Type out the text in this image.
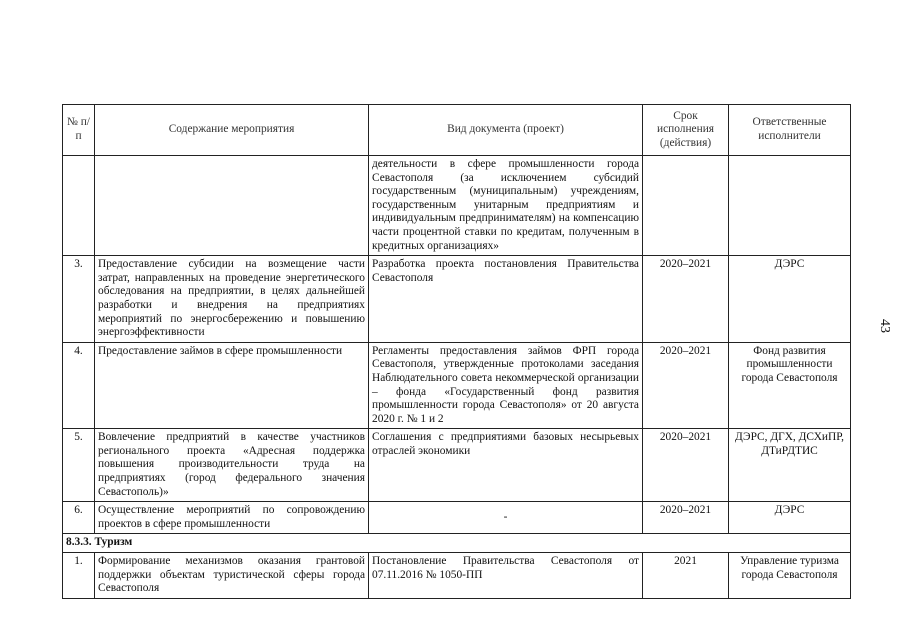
43
№ п/п	Содержание мероприятия	Вид документа (проект)	Срок исполнения (действия)	Ответственные исполнители
		деятельности в сфере промышленности города Севастополя (за исключением субсидий государственным (муниципальным) учреждениям, государственным унитарным предприятиям и индивидуальным предпринимателям) на компенсацию части процентной ставки по кредитам, полученным в кредитных организациях»		
3.	Предоставление субсидии на возмещение части затрат, направленных на проведение энергетического обследования на предприятии, в целях дальнейшей разработки и внедрения на предприятиях мероприятий по энергосбережению и повышению энергоэффективности	Разработка проекта постановления Правительства Севастополя	2020–2021	ДЭРС
4.	Предоставление займов в сфере промышленности	Регламенты предоставления займов ФРП города Севастополя, утвержденные протоколами заседания Наблюдательного совета некоммерческой организации – фонда «Государственный фонд развития промышленности города Севастополя» от 20 августа 2020 г. № 1 и 2	2020–2021	Фонд развития промышленности города Севастополя
5.	Вовлечение предприятий в качестве участников регионального проекта «Адресная поддержка повышения производительности труда на предприятиях (город федерального значения Севастополь)»	Соглашения с предприятиями базовых несырьевых отраслей экономики	2020–2021	ДЭРС, ДГХ, ДСХиПР, ДТиРДТИС
6.	Осуществление мероприятий по сопровождению проектов в сфере промышленности	-	2020–2021	ДЭРС
8.3.3. Туризм				
1.	Формирование механизмов оказания грантовой поддержки объектам туристической сферы города Севастополя	Постановление Правительства Севастополя от 07.11.2016 № 1050-ПП	2021	Управление туризма города Севастополя
